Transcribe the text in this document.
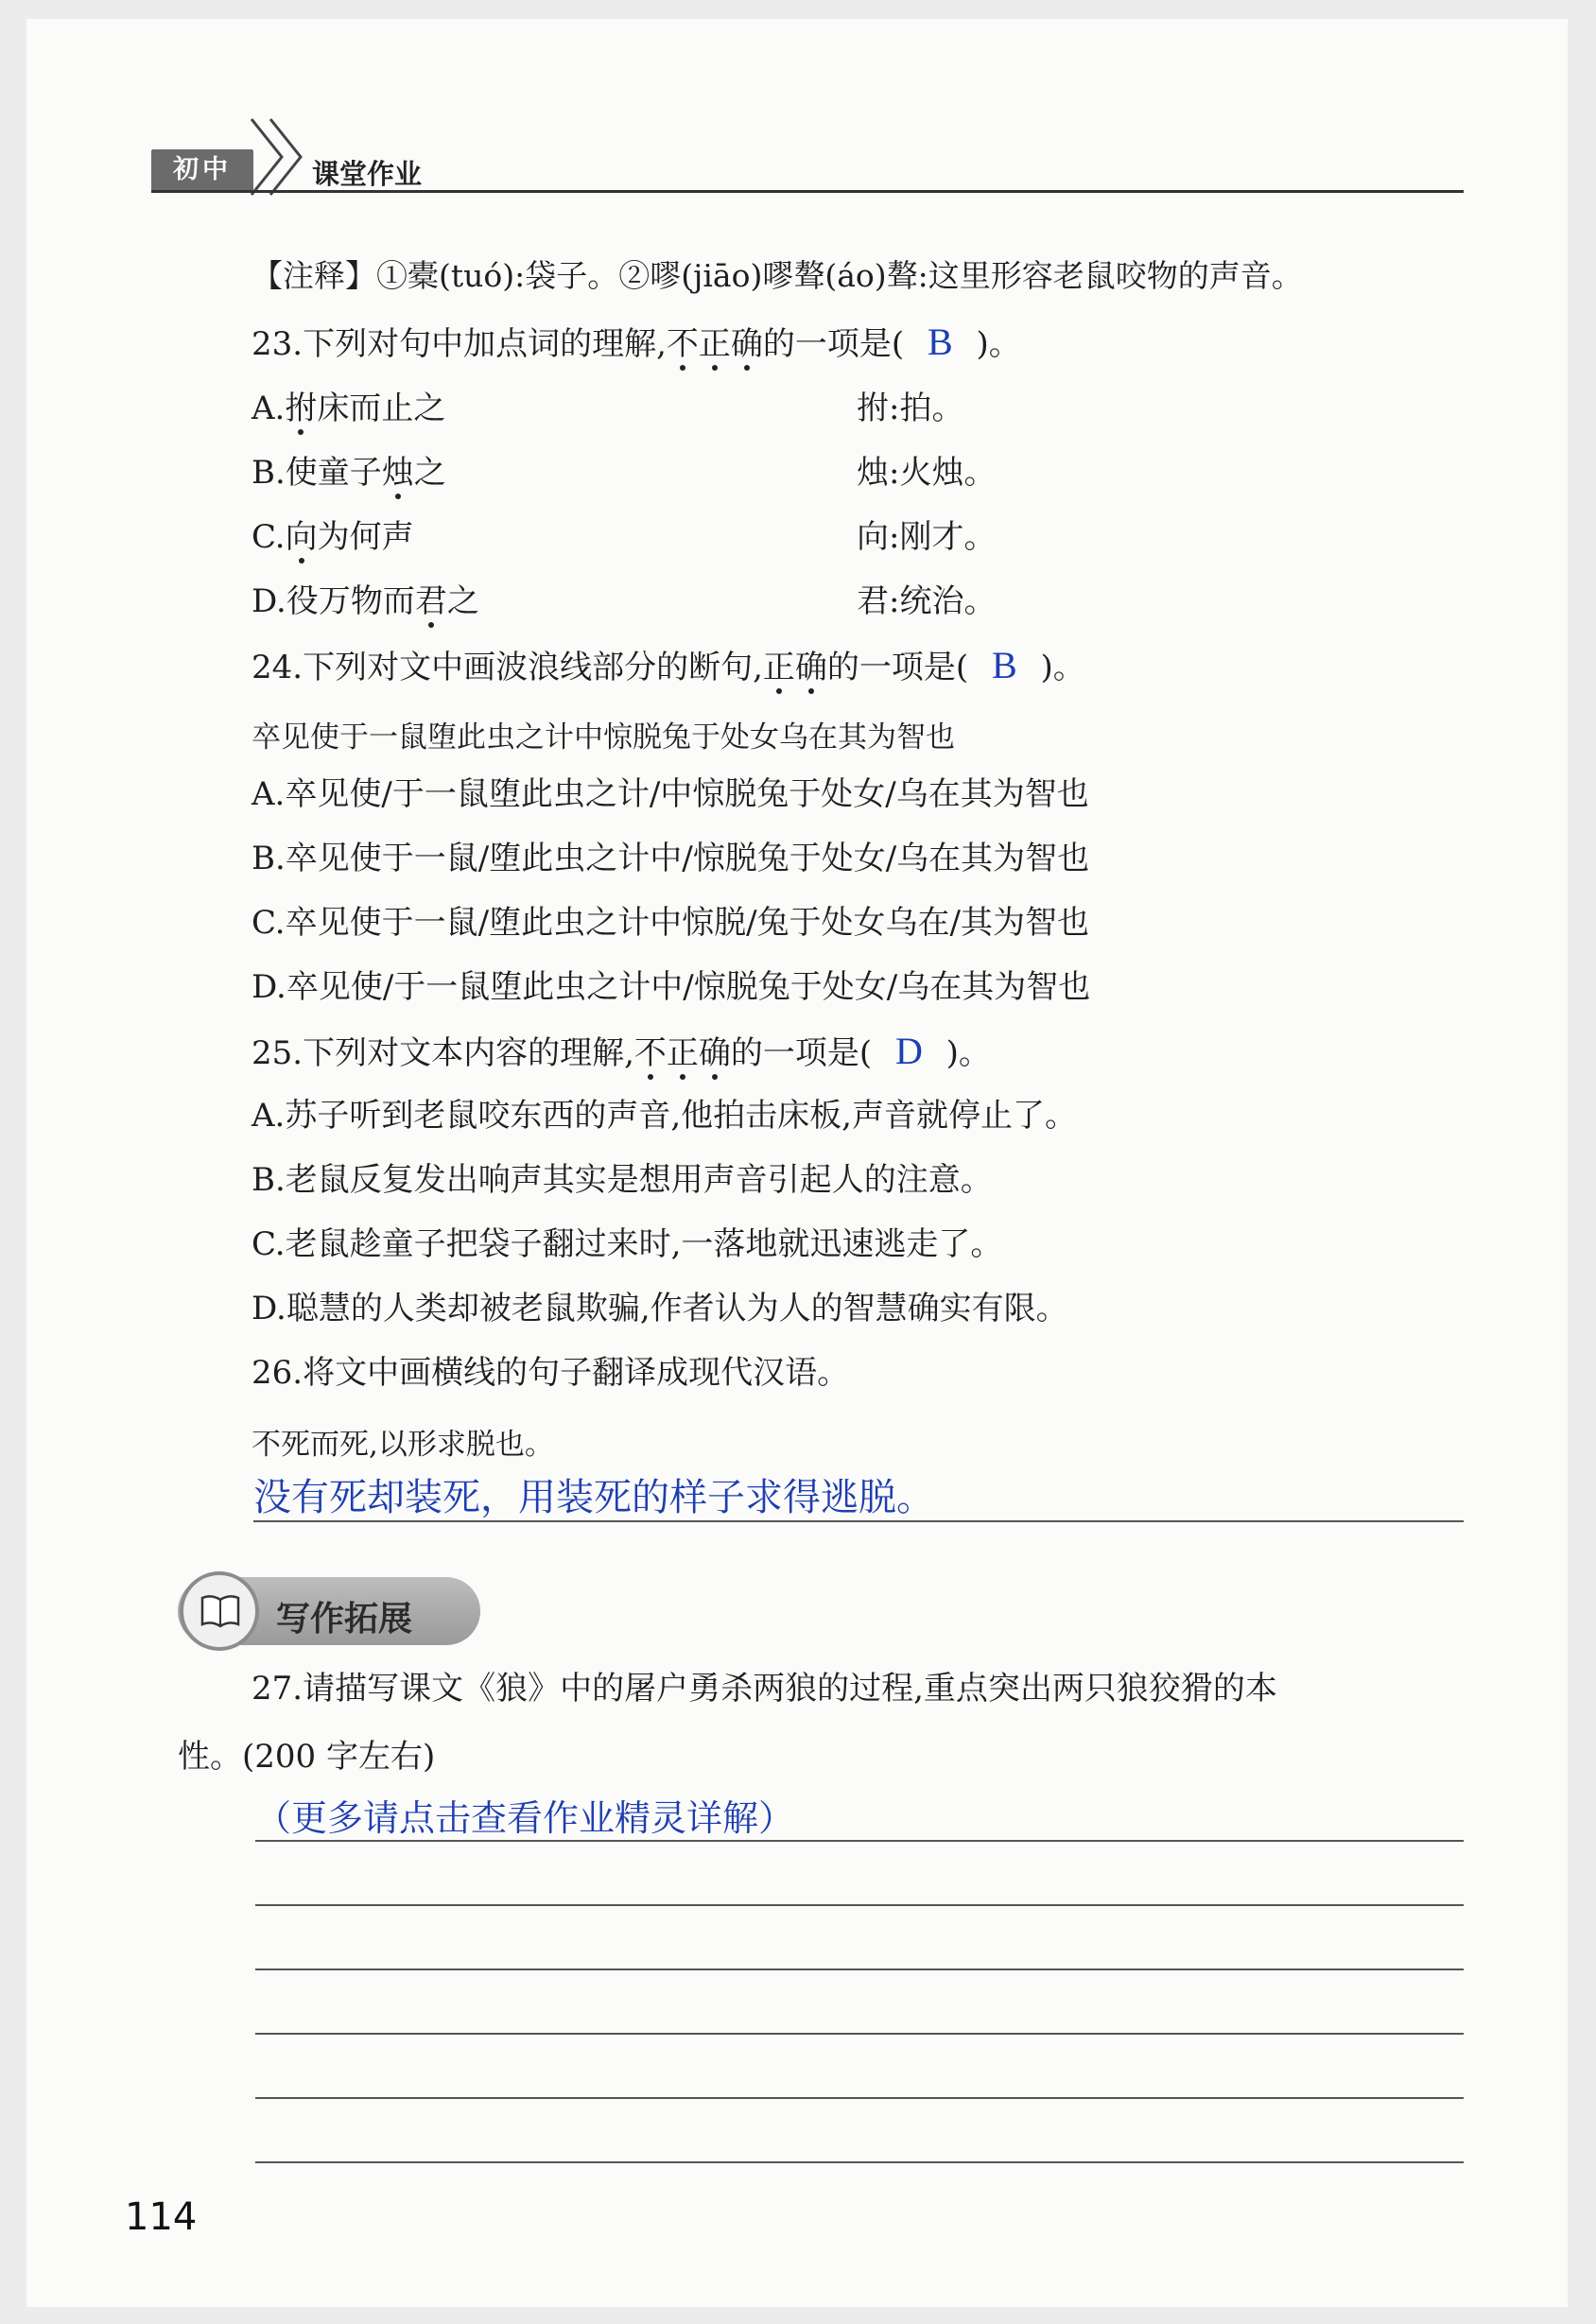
初中	课堂作业
【注释】①橐(tuó):袋子。②嘐(jiāo)嘐聱(áo)聱:这里形容老鼠咬物的声音。
23.下列对句中加点词的理解,不正确的一项是( B )。
A.拊床而止之	拊:拍。
B.使童子烛之	烛:火烛。
C.向为何声	向:刚才。
D.役万物而君之	君:统治。
24.下列对文中画波浪线部分的断句,正确的一项是( B )。
卒见使于一鼠堕此虫之计中惊脱兔于处女乌在其为智也
A.卒见使/于一鼠堕此虫之计/中惊脱兔于处女/乌在其为智也
B.卒见使于一鼠/堕此虫之计中/惊脱兔于处女/乌在其为智也
C.卒见使于一鼠/堕此虫之计中惊脱/兔于处女乌在/其为智也
D.卒见使/于一鼠堕此虫之计中/惊脱兔于处女/乌在其为智也
25.下列对文本内容的理解,不正确的一项是( D )。
A.苏子听到老鼠咬东西的声音,他拍击床板,声音就停止了。
B.老鼠反复发出响声其实是想用声音引起人的注意。
C.老鼠趁童子把袋子翻过来时,一落地就迅速逃走了。
D.聪慧的人类却被老鼠欺骗,作者认为人的智慧确实有限。
26.将文中画横线的句子翻译成现代汉语。
不死而死,以形求脱也。
没有死却装死，用装死的样子求得逃脱。
写作拓展
27.请描写课文《狼》中的屠户勇杀两狼的过程,重点突出两只狼狡猾的本
性。(200 字左右)
（更多请点击查看作业精灵详解）
114
